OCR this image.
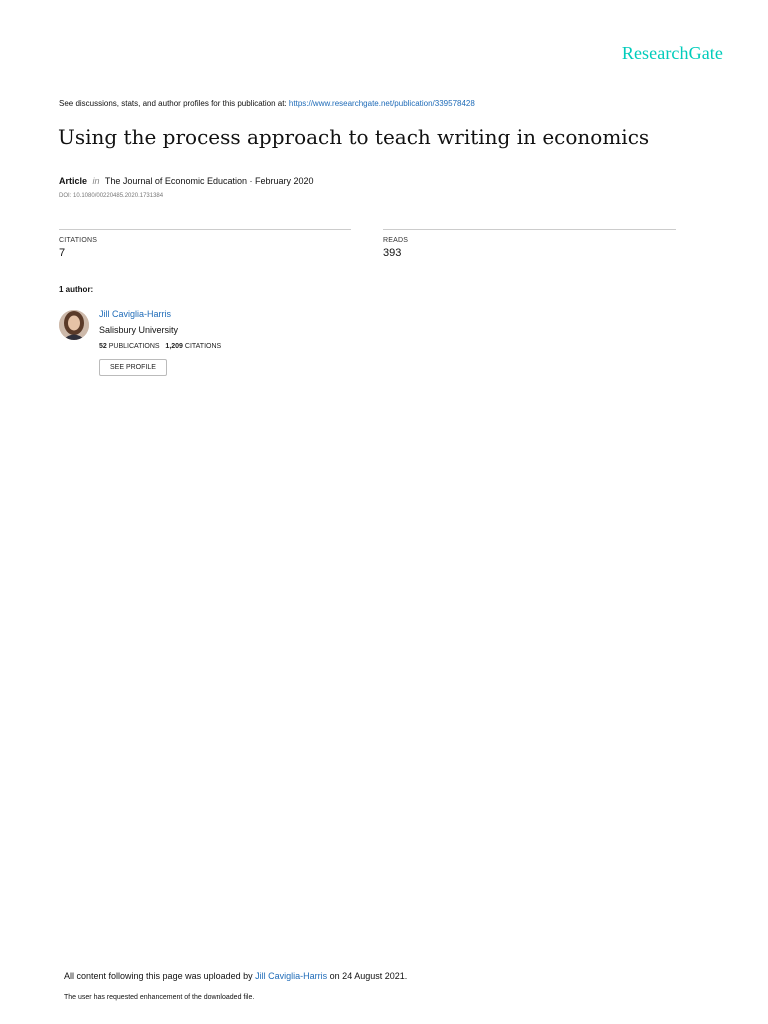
ResearchGate
See discussions, stats, and author profiles for this publication at: https://www.researchgate.net/publication/339578428
Using the process approach to teach writing in economics
Article in The Journal of Economic Education · February 2020
DOI: 10.1080/00220485.2020.1731384
CITATIONS
7
READS
393
1 author:
Jill Caviglia-Harris
Salisbury University
52 PUBLICATIONS 1,209 CITATIONS
SEE PROFILE
All content following this page was uploaded by Jill Caviglia-Harris on 24 August 2021.
The user has requested enhancement of the downloaded file.
